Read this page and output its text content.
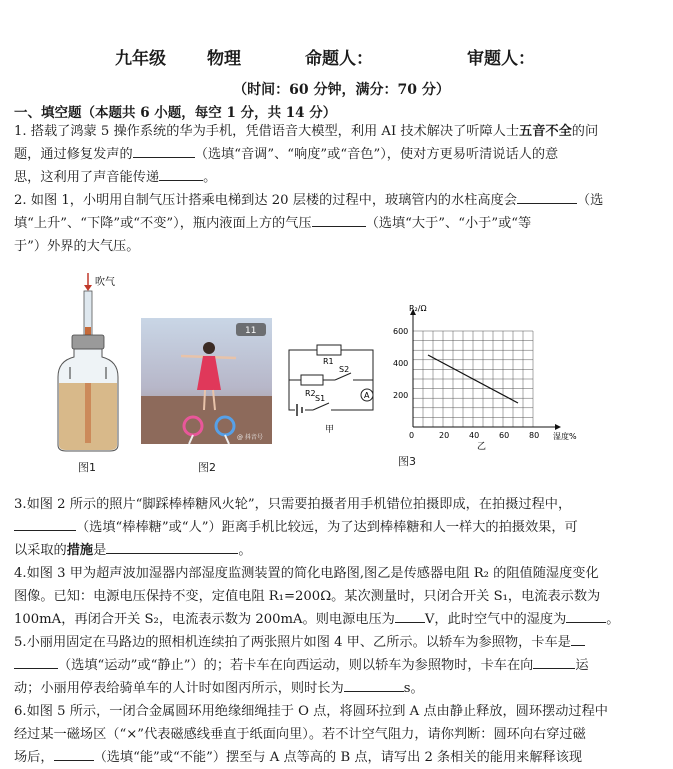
九年级

物理

	命题人：

	审题人：

（时间：60 分钟，满分：70 分）
一、填空题（本题共 6 小题，每空 1 分，共 14 分）
1. 搭载了鸿蒙 5 操作系统的华为手机，凭借语音大模型，利用 AI 技术解决了听障人士五音不全的问
题，通过修复发声的	（选填“音调”、“响度”或“音色”），使对方更易听清说话人的意
思，这利用了声音能传递	。
2. 如图 1，小明用自制气压计搭乘电梯到达 20 层楼的过程中，玻璃管内的水柱高度会	（选
填“上升”、“下降”或“不变”），瓶内液面上方的气压	（选填“大于”、“小于”或“等
于”）外界的大气压。
吹气
图1
11
@ 抖音号
图2
R1
R2
S2
A
S1
甲
0	20 40 60 80
200
400
600
R₂/Ω
湿度%
乙
图3
3.如图 2 所示的照片“脚踩棒棒糖风火轮”，只需要拍摄者用手机错位拍摄即成，在拍摄过程中，
（选填“棒棒糖”或“人”）距离手机比较远，为了达到棒棒糖和人一样大的拍摄效果，可
以采取的措施是	。
4.如图 3 甲为超声波加湿器内部湿度监测装置的简化电路图,图乙是传感器电阻 R₂ 的阻值随湿度变化
图像。已知：电源电压保持不变，定值电阻 R₁=200Ω。某次测量时，只闭合开关 S₁，电流表示数为
100mA，再闭合开关 S₂，电流表示数为 200mA。则电源电压为 V，此时空气中的湿度为	。
5.小丽用固定在马路边的照相机连续拍了两张照片如图 4 甲、乙所示。以轿车为参照物，卡车是
（选填“运动”或“静止”）的；若卡车在向西运动，则以轿车为参照物时，卡车在向	运
动；小丽用停表给骑单车的人计时如图丙所示，则时长为	s。
6.如图 5 所示，一闭合金属圆环用绝缘细绳挂于 O 点，将圆环拉到 A 点由静止释放，圆环摆动过程中
经过某一磁场区（“×”代表磁感线垂直于纸面向里）。若不计空气阻力，请你判断：圆环向右穿过磁
场后，	（选填“能”或“不能”）摆至与 A 点等高的 B 点，请写出 2 条相关的能用来解释该现
